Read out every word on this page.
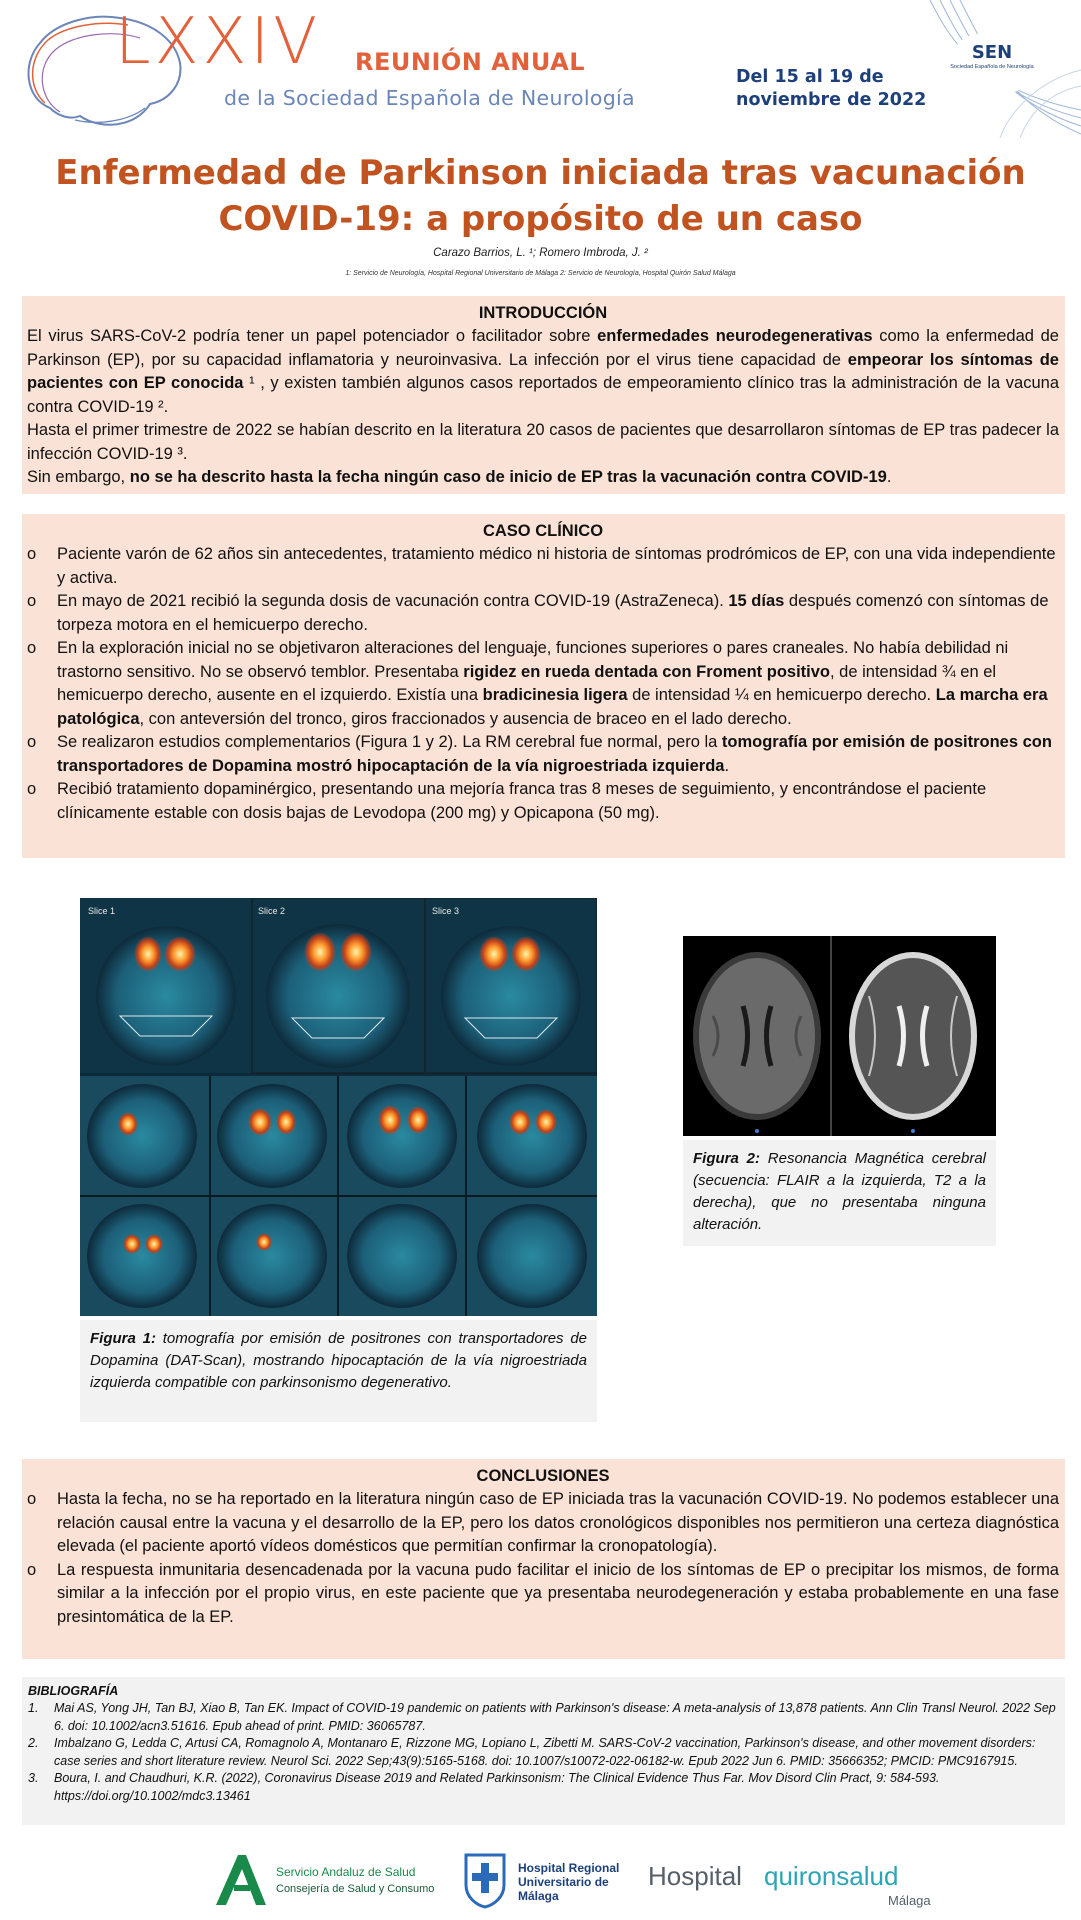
LXXIV REUNIÓN ANUAL
de la Sociedad Española de Neurología
Del 15 al 19 de
noviembre de 2022
SEN
Sociedad Española de Neurología
Enfermedad de Parkinson iniciada tras vacunación COVID-19: a propósito de un caso
Carazo Barrios, L. ¹; Romero Imbroda, J. ²
1: Servicio de Neurología, Hospital Regional Universitario de Málaga 2: Servicio de Neurología, Hospital Quirón Salud Málaga
INTRODUCCIÓN

El virus SARS-CoV-2 podría tener un papel potenciador o facilitador sobre enfermedades neurodegenerativas como la enfermedad de Parkinson (EP), por su capacidad inflamatoria y neuroinvasiva. La infección por el virus tiene capacidad de empeorar los síntomas de pacientes con EP conocida ¹ , y existen también algunos casos reportados de empeoramiento clínico tras la administración de la vacuna contra COVID-19 ².

Hasta el primer trimestre de 2022 se habían descrito en la literatura 20 casos de pacientes que desarrollaron síntomas de EP tras padecer la infección COVID-19 ³.

Sin embargo, no se ha descrito hasta la fecha ningún caso de inicio de EP tras la vacunación contra COVID-19.

CASO CLÍNICO
o Paciente varón de 62 años sin antecedentes, tratamiento médico ni historia de síntomas prodrómicos de EP, con una vida independiente y activa.
o En mayo de 2021 recibió la segunda dosis de vacunación contra COVID-19 (AstraZeneca). 15 días después comenzó con síntomas de torpeza motora en el hemicuerpo derecho.
o En la exploración inicial no se objetivaron alteraciones del lenguaje, funciones superiores o pares craneales. No había debilidad ni trastorno sensitivo. No se observó temblor. Presentaba rigidez en rueda dentada con Froment positivo, de intensidad ¾ en el hemicuerpo derecho, ausente en el izquierdo. Existía una bradicinesia ligera de intensidad ¼ en hemicuerpo derecho. La marcha era patológica, con anteversión del tronco, giros fraccionados y ausencia de braceo en el lado derecho.
o Se realizaron estudios complementarios (Figura 1 y 2). La RM cerebral fue normal, pero la tomografía por emisión de positrones con transportadores de Dopamina mostró hipocaptación de la vía nigroestriada izquierda.
o Recibió tratamiento dopaminérgico, presentando una mejoría franca tras 8 meses de seguimiento, y encontrándose el paciente clínicamente estable con dosis bajas de Levodopa (200 mg) y Opicapona (50 mg).
Slice 1	Slice 2	Slice 3
Figura 1: tomografía por emisión de positrones con transportadores de Dopamina (DAT-Scan), mostrando hipocaptación de la vía nigroestriada izquierda compatible con parkinsonismo degenerativo.
Figura 2: Resonancia Magnética cerebral (secuencia: FLAIR a la izquierda, T2 a la derecha), que no presentaba ninguna alteración.
CONCLUSIONES
o Hasta la fecha, no se ha reportado en la literatura ningún caso de EP iniciada tras la vacunación COVID-19. No podemos establecer una relación causal entre la vacuna y el desarrollo de la EP, pero los datos cronológicos disponibles nos permitieron una certeza diagnóstica elevada (el paciente aportó vídeos domésticos que permitían confirmar la cronopatología).
o La respuesta inmunitaria desencadenada por la vacuna pudo facilitar el inicio de los síntomas de EP o precipitar los mismos, de forma similar a la infección por el propio virus, en este paciente que ya presentaba neurodegeneración y estaba probablemente en una fase presintomática de la EP.
BIBLIOGRAFÍA
1. Mai AS, Yong JH, Tan BJ, Xiao B, Tan EK. Impact of COVID-19 pandemic on patients with Parkinson's disease: A meta-analysis of 13,878 patients. Ann Clin Transl Neurol. 2022 Sep 6. doi: 10.1002/acn3.51616. Epub ahead of print. PMID: 36065787.
2. Imbalzano G, Ledda C, Artusi CA, Romagnolo A, Montanaro E, Rizzone MG, Lopiano L, Zibetti M. SARS-CoV-2 vaccination, Parkinson's disease, and other movement disorders: case series and short literature review. Neurol Sci. 2022 Sep;43(9):5165-5168. doi: 10.1007/s10072-022-06182-w. Epub 2022 Jun 6. PMID: 35666352; PMCID: PMC9167915.
3. Boura, I. and Chaudhuri, K.R. (2022), Coronavirus Disease 2019 and Related Parkinsonism: The Clinical Evidence Thus Far. Mov Disord Clin Pract, 9: 584-593. https://doi.org/10.1002/mdc3.13461
Servicio Andaluz de Salud
Consejería de Salud y Consumo
Hospital Regional Universitario de Málaga
Hospital quironsalud
Málaga
